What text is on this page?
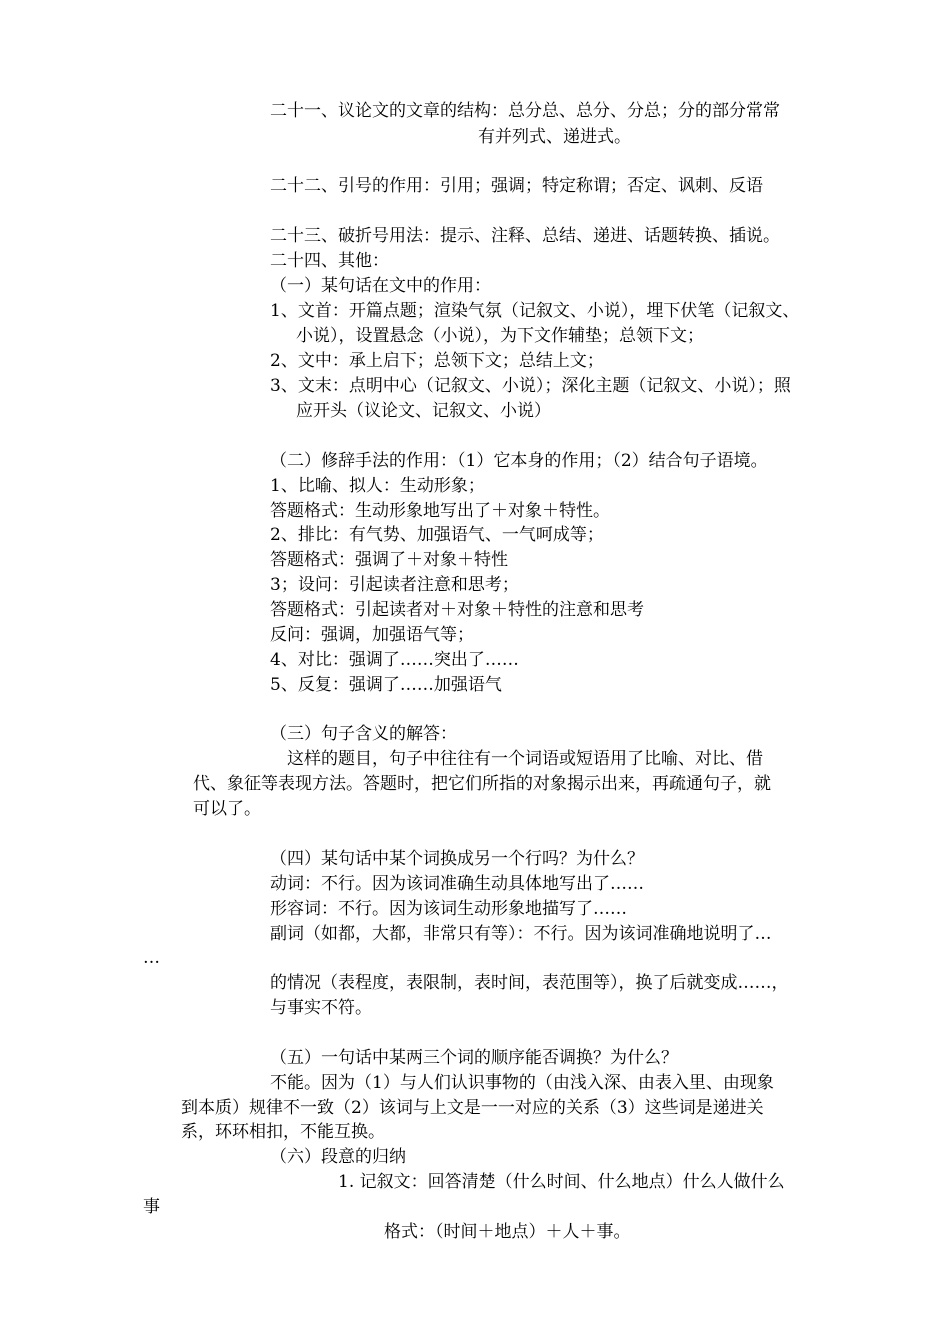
二十一、议论文的文章的结构：总分总、总分、分总；分的部分常常

有并列式、递进式。

二十二、引号的作用：引用；强调；特定称谓；否定、讽刺、反语

二十三、破折号用法：提示、注释、总结、递进、话题转换、插说。

二十四、其他：

（一）某句话在文中的作用：

1、文首：开篇点题；渲染气氛（记叙文、小说），埋下伏笔（记叙文、

小说），设置悬念（小说），为下文作辅垫；总领下文；

2、文中：承上启下；总领下文；总结上文；

3、文末：点明中心（记叙文、小说）；深化主题（记叙文、小说）；照

应开头（议论文、记叙文、小说）

（二）修辞手法的作用：（1）它本身的作用；（2）结合句子语境。

1、比喻、拟人：生动形象；

答题格式：生动形象地写出了＋对象＋特性。

2、排比：有气势、加强语气、一气呵成等；

答题格式：强调了＋对象＋特性

3；设问：引起读者注意和思考；

答题格式：引起读者对＋对象＋特性的注意和思考

反问：强调，加强语气等；

4、对比：强调了……突出了……

5、反复：强调了……加强语气

（三）句子含义的解答：

这样的题目，句子中往往有一个词语或短语用了比喻、对比、借

代、象征等表现方法。答题时，把它们所指的对象揭示出来，再疏通句子，就

可以了。

（四）某句话中某个词换成另一个行吗？为什么？

动词：不行。因为该词准确生动具体地写出了……

形容词：不行。因为该词生动形象地描写了……

副词（如都，大都，非常只有等）：不行。因为该词准确地说明了…

…

的情况（表程度，表限制，表时间，表范围等），换了后就变成……，

与事实不符。

（五）一句话中某两三个词的顺序能否调换？为什么？

不能。因为（1）与人们认识事物的（由浅入深、由表入里、由现象

到本质）规律不一致（2）该词与上文是一一对应的关系（3）这些词是递进关

系，环环相扣，不能互换。

（六）段意的归纳

1. 记叙文：回答清楚（什么时间、什么地点）什么人做什么

事

格式：（时间＋地点）＋人＋事。
